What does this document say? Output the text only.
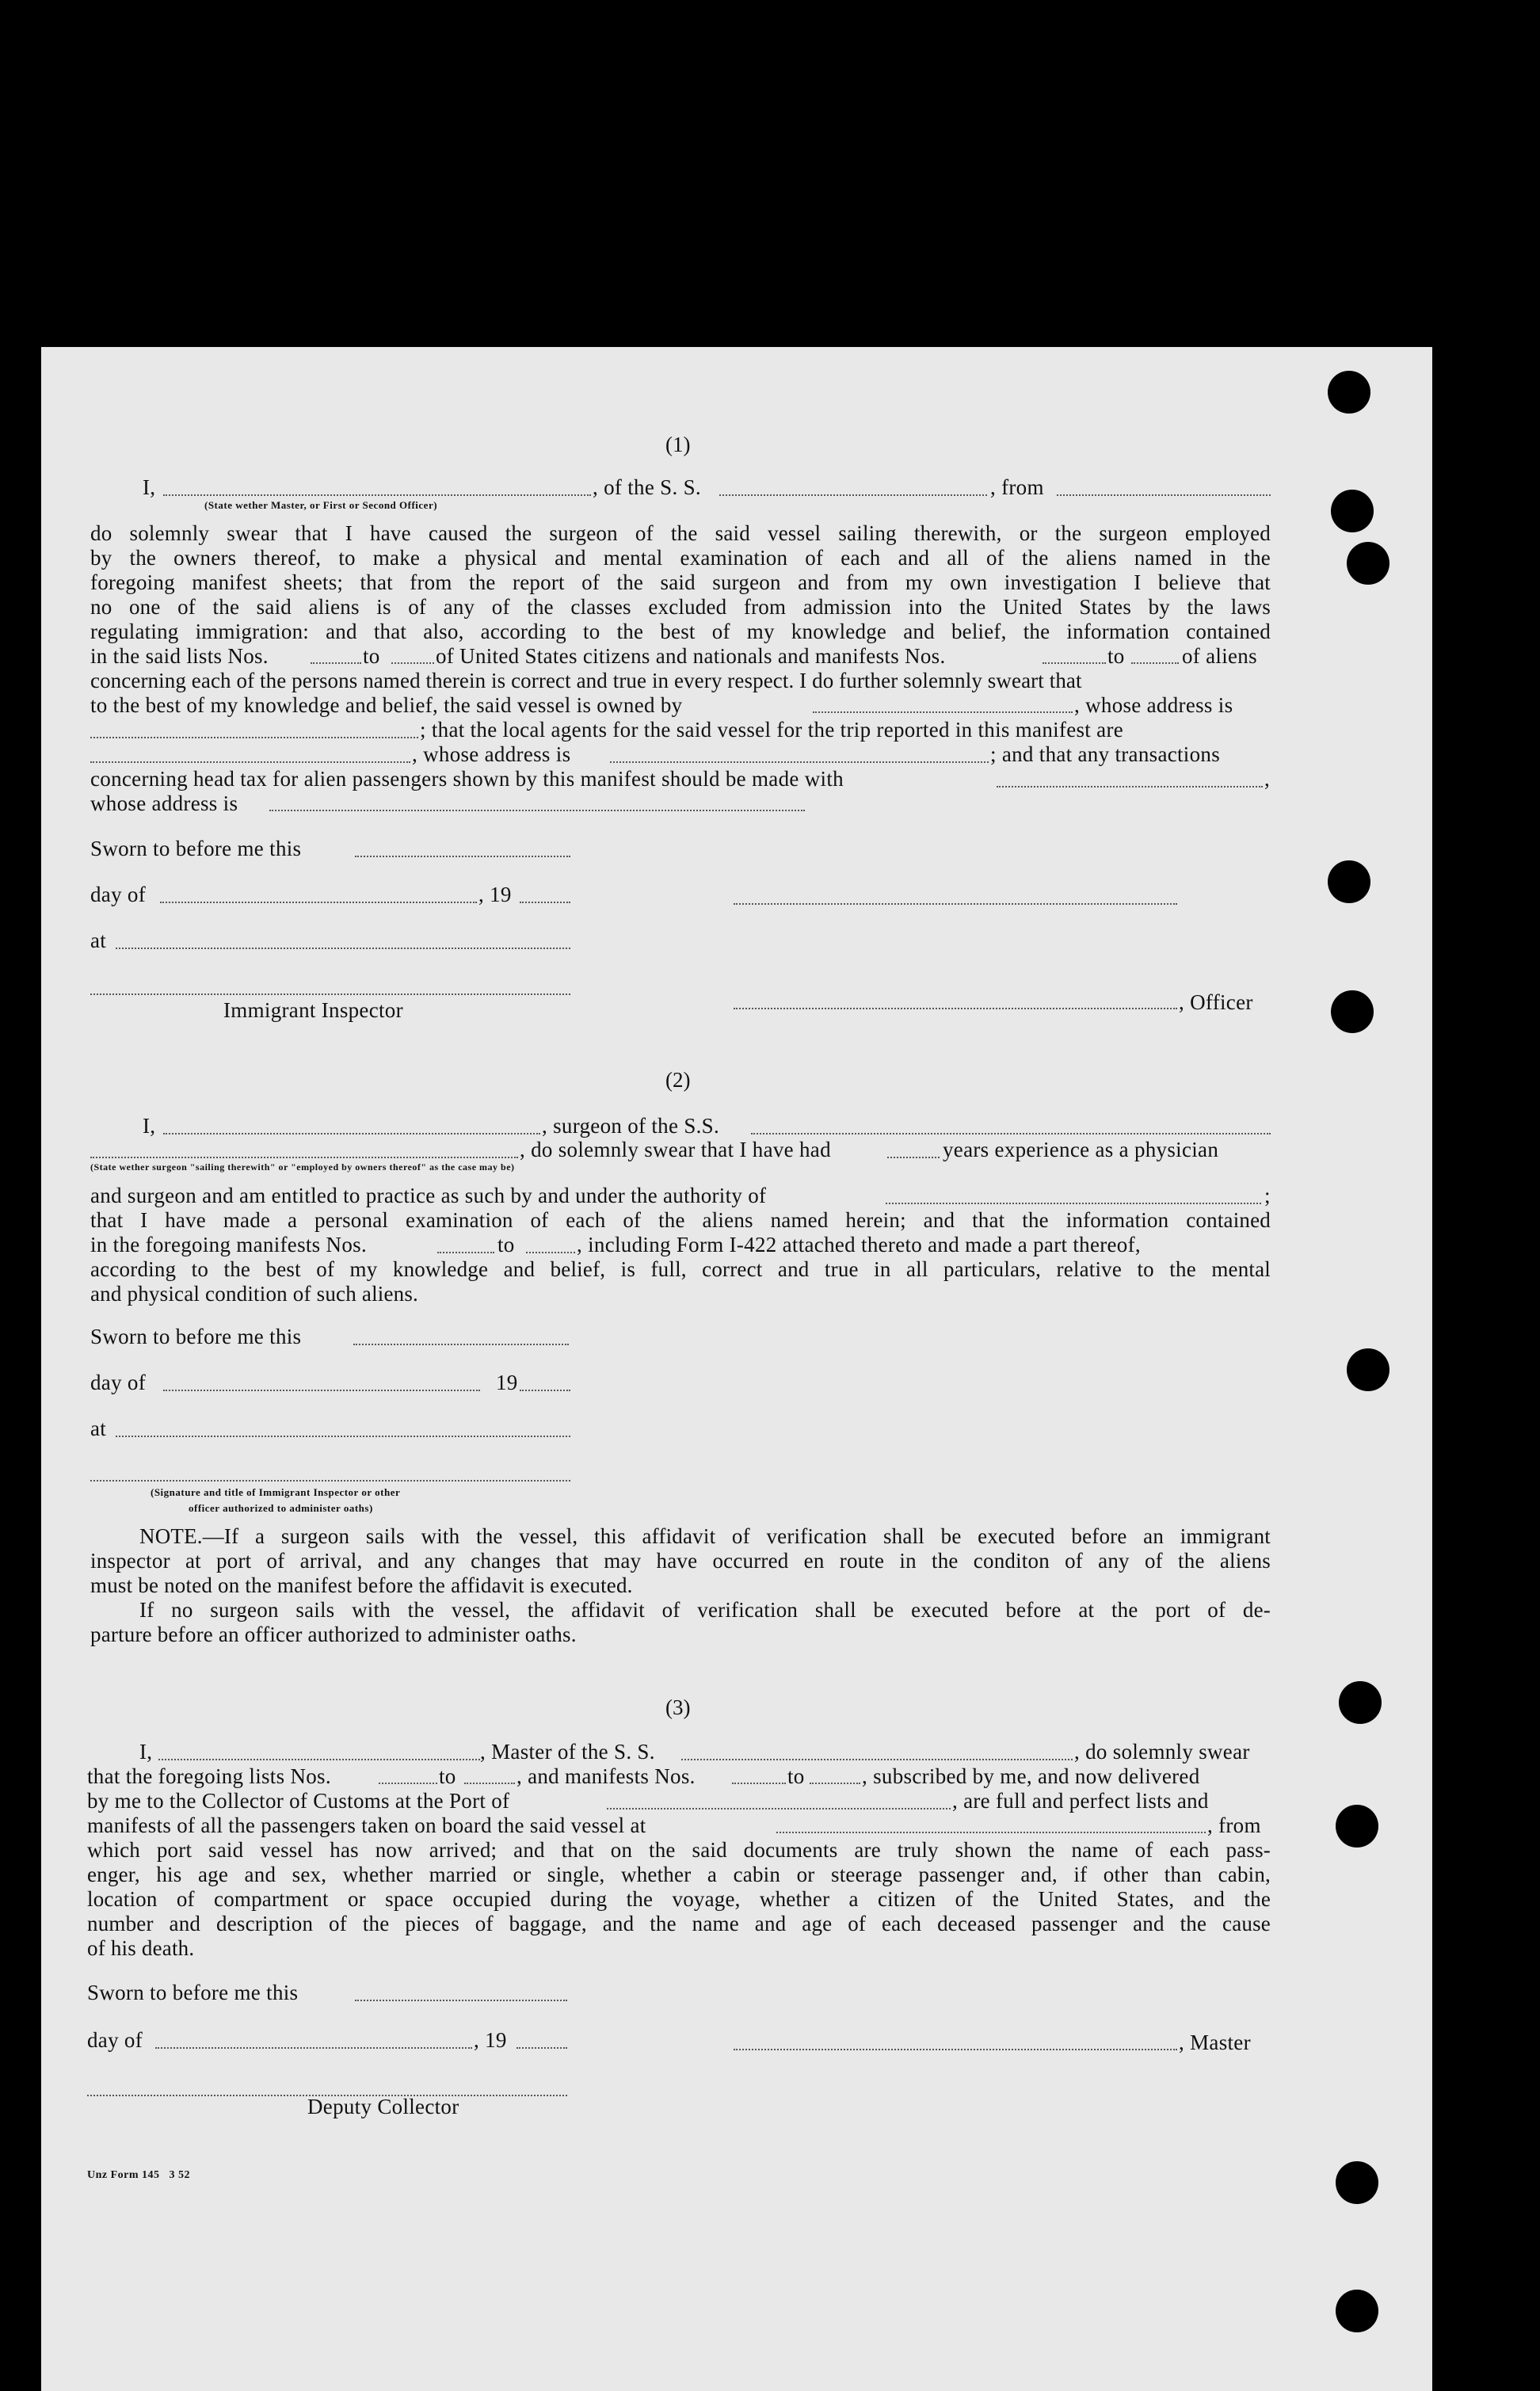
(1)
I,	, of the S. S.	, from
(State wether Master, or First or Second Officer)
do solemnly swear that I have caused the surgeon of the said vessel sailing therewith, or the surgeon employed
by the owners thereof, to make a physical and mental examination of each and all of the aliens named in the
foregoing manifest sheets; that from the report of the said surgeon and from my own investigation I believe that
no one of the said aliens is of any of the classes excluded from admission into the United States by the laws
regulating immigration: and that also, according to the best of my knowledge and belief, the information contained
in the said lists Nos.	to	of United States citizens and nationals and manifests Nos.	to	of aliens
concerning each of the persons named therein is correct and true in every respect. I do further solemnly sweart that
to the best of my knowledge and belief, the said vessel is owned by	, whose address is
; that the local agents for the said vessel for the trip reported in this manifest are
, whose address is	; and that any transactions
concerning head tax for alien passengers shown by this manifest should be made with	,
whose address is
Sworn to before me this
day of	, 19
at
Immigrant Inspector	, Officer
(2)
I,	, surgeon of the S.S.
, do solemnly swear that I have had	years experience as a physician
(State wether surgeon "sailing therewith" or "employed by owners thereof" as the case may be)
and surgeon and am entitled to practice as such by and under the authority of	;
that I have made a personal examination of each of the aliens named herein; and that the information contained
in the foregoing manifests Nos.	to	, including Form I-422 attached thereto and made a part thereof,
according to the best of my knowledge and belief, is full, correct and true in all particulars, relative to the mental
and physical condition of such aliens.
Sworn to before me this
day of	19
at
(Signature and title of Immigrant Inspector or other
officer authorized to administer oaths)
NOTE.—If a surgeon sails with the vessel, this affidavit of verification shall be executed before an immigrant
inspector at port of arrival, and any changes that may have occurred en route in the conditon of any of the aliens
must be noted on the manifest before the affidavit is executed.
If no surgeon sails with the vessel, the affidavit of verification shall be executed before at the port of de-
parture before an officer authorized to administer oaths.
(3)
I,	, Master of the S. S.	, do solemnly swear
that the foregoing lists Nos.	to	, and manifests Nos.	to	, subscribed by me, and now delivered
by me to the Collector of Customs at the Port of	, are full and perfect lists and
manifests of all the passengers taken on board the said vessel at	, from
which port said vessel has now arrived; and that on the said documents are truly shown the name of each pass-
enger, his age and sex, whether married or single, whether a cabin or steerage passenger and, if other than cabin,
location of compartment or space occupied during the voyage, whether a citizen of the United States, and the
number and description of the pieces of baggage, and the name and age of each deceased passenger and the cause
of his death.
Sworn to before me this
day of	, 19	, Master
Deputy Collector
Unz Form 145   3 52
